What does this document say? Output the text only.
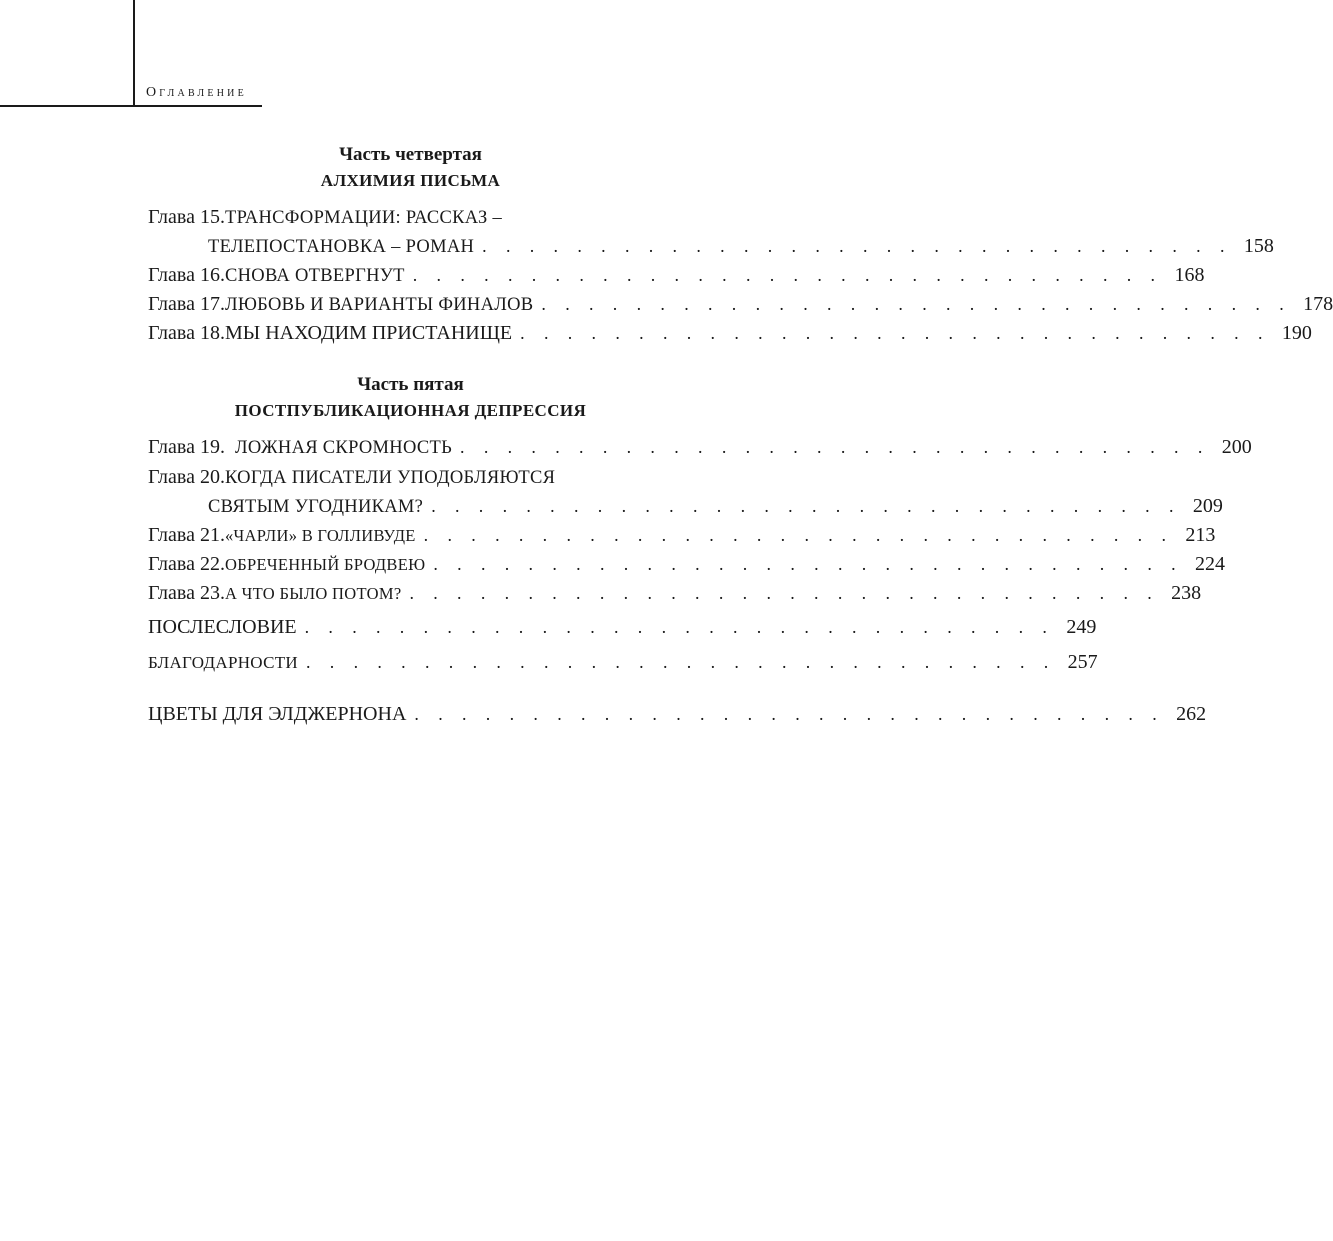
Оглавление
Часть четвертая
АЛХИМИЯ ПИСЬМА
Глава 15. ТРАНСФОРМАЦИИ: РАССКАЗ –
ТЕЛЕПОСТАНОВКА – РОМАН . . . . . . . . . . . . . . . . . . . . . . . . . . . . . . . . 158
Глава 16. СНОВА ОТВЕРГНУТ . . . . . . . . . . . . . . . . . . . . . . . . . . . . . . . . 168
Глава 17. ЛЮБОВЬ И ВАРИАНТЫ ФИНАЛОВ . . . . . . . . . . . . . . . . . . . . . . . . . . . . . . . . 178
Глава 18. МЫ НАХОДИМ ПРИСТАНИЩЕ . . . . . . . . . . . . . . . . . . . . . . . . . . . . . . . . 190
Часть пятая
ПОСТПУБЛИКАЦИОННАЯ ДЕПРЕССИЯ
Глава 19. ЛОЖНАЯ СКРОМНОСТЬ . . . . . . . . . . . . . . . . . . . . . . . . . . . . . . . . 200
Глава 20. КОГДА ПИСАТЕЛИ УПОДОБЛЯЮТСЯ
СВЯТЫМ УГОДНИКАМ? . . . . . . . . . . . . . . . . . . . . . . . . . . . . . . . . 209
Глава 21. «ЧАРЛИ» В ГОЛЛИВУДЕ . . . . . . . . . . . . . . . . . . . . . . . . . . . . . . . . 213
Глава 22. ОБРЕЧЕННЫЙ БРОДВЕЮ . . . . . . . . . . . . . . . . . . . . . . . . . . . . . . . . 224
Глава 23. А ЧТО БЫЛО ПОТОМ? . . . . . . . . . . . . . . . . . . . . . . . . . . . . . . . . 238
ПОСЛЕСЛОВИЕ . . . . . . . . . . . . . . . . . . . . . . . . . . . . . . . . 249
БЛАГОДАРНОСТИ . . . . . . . . . . . . . . . . . . . . . . . . . . . . . . . . 257
ЦВЕТЫ ДЛЯ ЭЛДЖЕРНОНА . . . . . . . . . . . . . . . . . . . . . . . . . . . . . . . . 262
